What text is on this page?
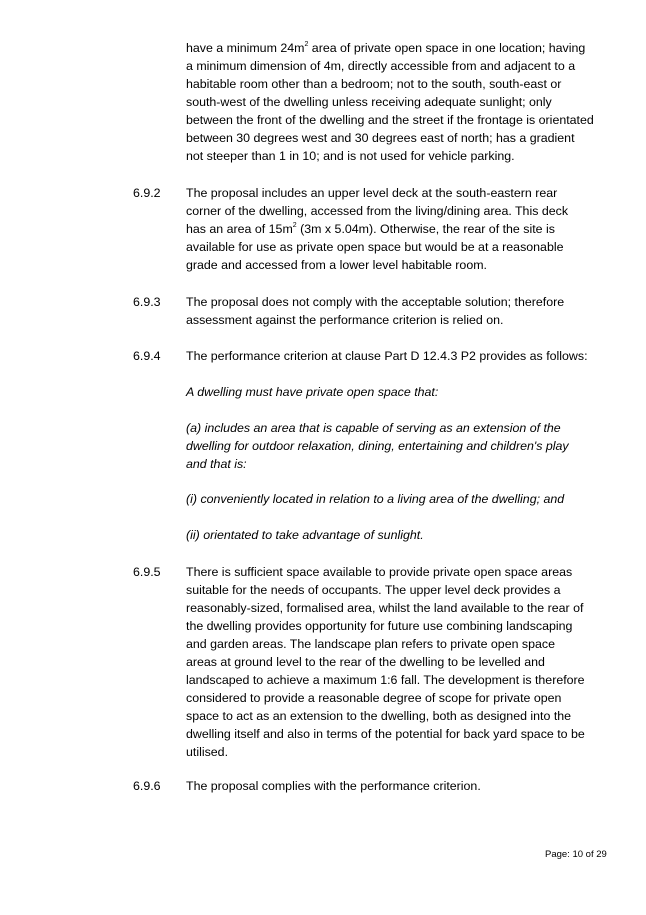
have a minimum $24m^2$ area of private open space in one location; having
a minimum dimension of 4m, directly accessible from and adjacent to a
habitable room other than a bedroom; not to the south, south-east or
south-west of the dwelling unless receiving adequate sunlight; only
between the front of the dwelling and the street if the frontage is orientated
between 30 degrees west and 30 degrees east of north; has a gradient
not steeper than 1 in 10; and is not used for vehicle parking.
6.9.2 The proposal includes an upper level deck at the south-eastern rear
corner of the dwelling, accessed from the living/dining area. This deck
has an area of $15m^2$ (3m x 5.04m). Otherwise, the rear of the site is
available for use as private open space but would be at a reasonable
grade and accessed from a lower level habitable room.
6.9.3 The proposal does not comply with the acceptable solution; therefore
assessment against the performance criterion is relied on.
6.9.4 The performance criterion at clause Part D 12.4.3 P2 provides as follows:
A dwelling must have private open space that:
(a) includes an area that is capable of serving as an extension of the
dwelling for outdoor relaxation, dining, entertaining and children's play
and that is:
(i) conveniently located in relation to a living area of the dwelling; and
(ii) orientated to take advantage of sunlight.
6.9.5 There is sufficient space available to provide private open space areas
suitable for the needs of occupants. The upper level deck provides a
reasonably-sized, formalised area, whilst the land available to the rear of
the dwelling provides opportunity for future use combining landscaping
and garden areas. The landscape plan refers to private open space
areas at ground level to the rear of the dwelling to be levelled and
landscaped to achieve a maximum 1:6 fall. The development is therefore
considered to provide a reasonable degree of scope for private open
space to act as an extension to the dwelling, both as designed into the
dwelling itself and also in terms of the potential for back yard space to be
utilised.
6.9.6 The proposal complies with the performance criterion.
Page: 10 of 29
